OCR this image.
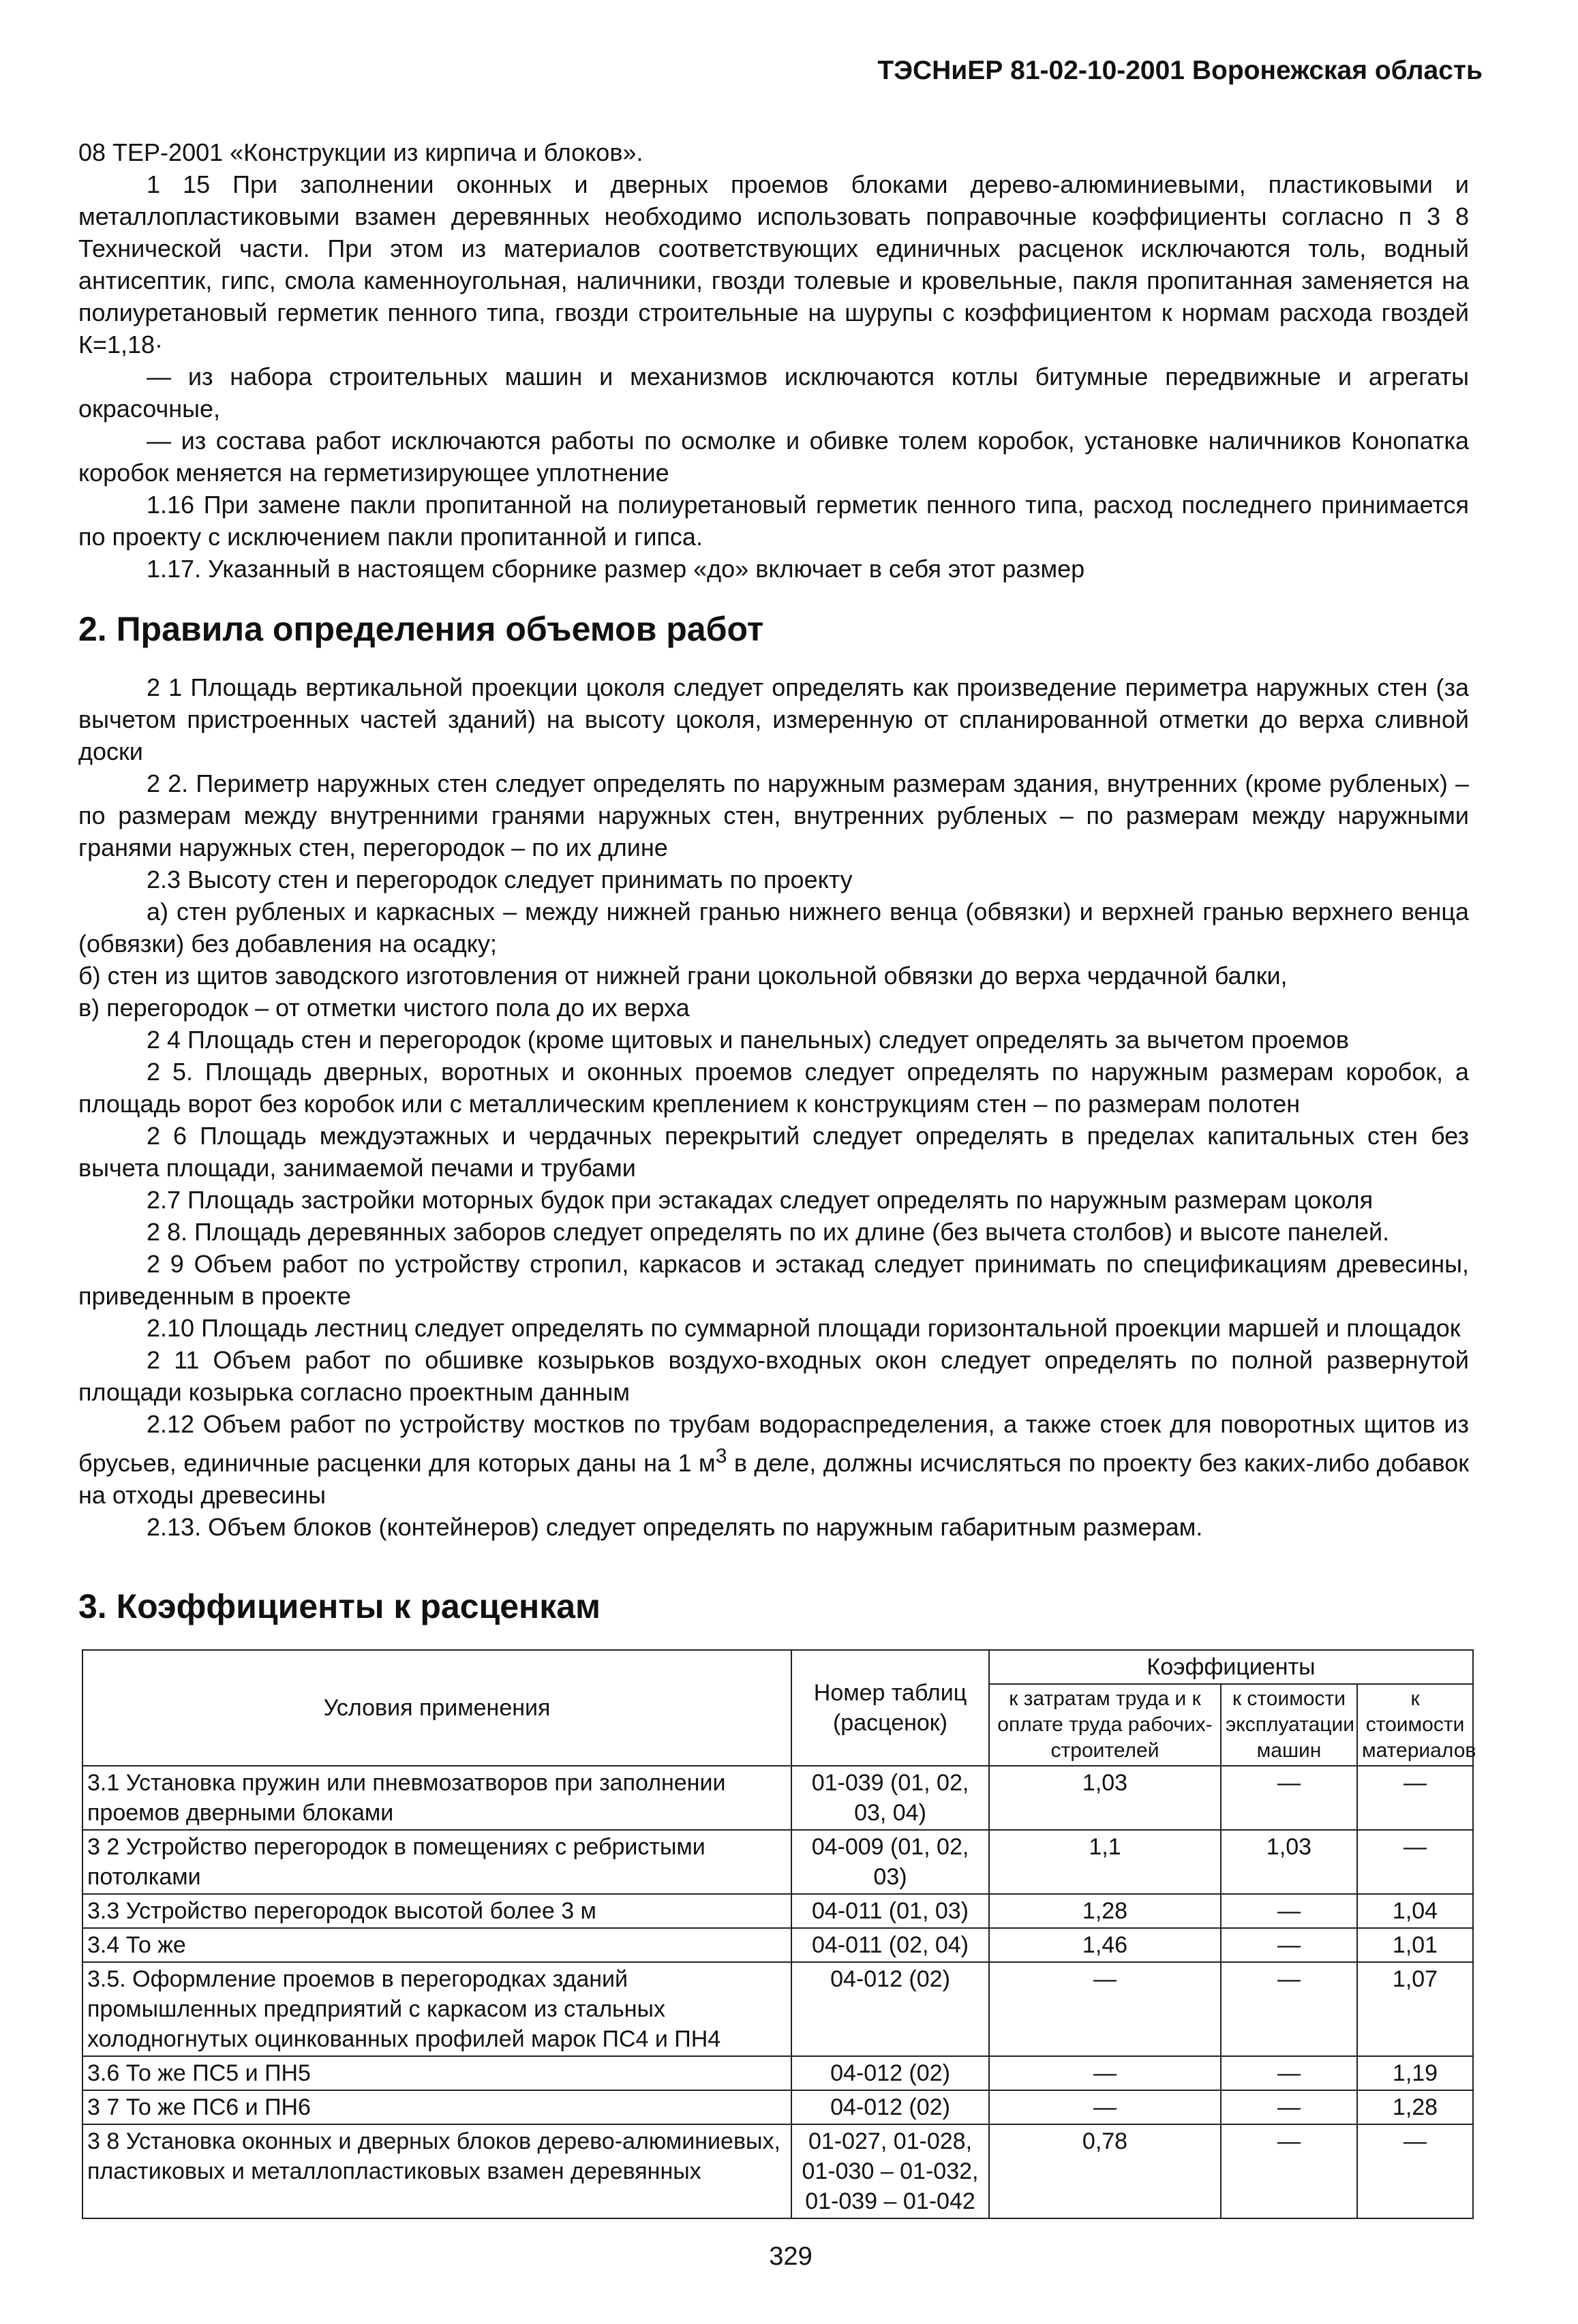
ТЭСНиЕР 81-02-10-2001 Воронежская область

08 ТЕР-2001 «Конструкции из кирпича и блоков».

1 15 При заполнении оконных и дверных проемов блоками дерево-алюминиевыми, пластиковыми и металлопластиковыми взамен деревянных необходимо использовать поправочные коэффициенты согласно п 3 8 Технической части. При этом из материалов соответствующих единичных расценок исключаются толь, водный антисептик, гипс, смола каменноугольная, наличники, гвозди толевые и кровельные, пакля пропитанная заменяется на полиуретановый герметик пенного типа, гвозди строительные на шурупы с коэффициентом к нормам расхода гвоздей К=1,18·

— из набора строительных машин и механизмов исключаются котлы битумные передвижные и агрегаты окрасочные,

— из состава работ исключаются работы по осмолке и обивке толем коробок, установке наличников Конопатка коробок меняется на герметизирующее уплотнение

1.16 При замене пакли пропитанной на полиуретановый герметик пенного типа, расход последнего принимается по проекту с исключением пакли пропитанной и гипса.

1.17. Указанный в настоящем сборнике размер «до» включает в себя этот размер

2. Правила определения объемов работ

2 1 Площадь вертикальной проекции цоколя следует определять как произведение периметра наружных стен (за вычетом пристроенных частей зданий) на высоту цоколя, измеренную от спланированной отметки до верха сливной доски

2 2. Периметр наружных стен следует определять по наружным размерам здания, внутренних (кроме рубленых) – по размерам между внутренними гранями наружных стен, внутренних рубленых – по размерам между наружными гранями наружных стен, перегородок – по их длине

2.3 Высоту стен и перегородок следует принимать по проекту

а) стен рубленых и каркасных – между нижней гранью нижнего венца (обвязки) и верхней гранью верхнего венца (обвязки) без добавления на осадку;

б) стен из щитов заводского изготовления от нижней грани цокольной обвязки до верха чердачной балки,

в) перегородок – от отметки чистого пола до их верха

2 4 Площадь стен и перегородок (кроме щитовых и панельных) следует определять за вычетом проемов

2 5. Площадь дверных, воротных и оконных проемов следует определять по наружным размерам коробок, а площадь ворот без коробок или с металлическим креплением к конструкциям стен – по размерам полотен

2 6 Площадь междуэтажных и чердачных перекрытий следует определять в пределах капитальных стен без вычета площади, занимаемой печами и трубами

2.7 Площадь застройки моторных будок при эстакадах следует определять по наружным размерам цоколя

2 8. Площадь деревянных заборов следует определять по их длине (без вычета столбов) и высоте панелей.

2 9 Объем работ по устройству стропил, каркасов и эстакад следует принимать по спецификациям древесины, приведенным в проекте

2.10 Площадь лестниц следует определять по суммарной площади горизонтальной проекции маршей и площадок

2 11 Объем работ по обшивке козырьков воздухо-входных окон следует определять по полной развернутой площади козырька согласно проектным данным

2.12 Объем работ по устройству мостков по трубам водораспределения, а также стоек для поворотных щитов из брусьев, единичные расценки для которых даны на 1 $м^3$ в деле, должны исчисляться по проекту без каких-либо добавок на отходы древесины

2.13. Объем блоков (контейнеров) следует определять по наружным габаритным размерам.

3. Коэффициенты к расценкам

Условия применения	Номер таблиц (расценок)	Коэффициенты		
		к затратам труда и к оплате труда рабочих-строителей	к стоимости эксплуатации машин	к стоимости материалов
3.1 Установка пружин или пневмозатворов при заполнении проемов дверными блоками	01-039 (01, 02, 03, 04)	1,03	—	—
3 2 Устройство перегородок в помещениях с ребристыми потолками	04-009 (01, 02, 03)	1,1	1,03	—
3.3 Устройство перегородок высотой более 3 м	04-011 (01, 03)	1,28	—	1,04
3.4 То же	04-011 (02, 04)	1,46	—	1,01
3.5. Оформление проемов в перегородках зданий промышленных предприятий с каркасом из стальных холодногнутых оцинкованных профилей марок ПС4 и ПН4	04-012 (02)	—	—	1,07
3.6 То же ПС5 и ПН5	04-012 (02)	—	—	1,19
3 7 То же ПС6 и ПН6	04-012 (02)	—	—	1,28
3 8 Установка оконных и дверных блоков дерево-алюминиевых, пластиковых и металлопластиковых взамен деревянных	01-027, 01-028, 01-030 – 01-032, 01-039 – 01-042	0,78	—	—
329
